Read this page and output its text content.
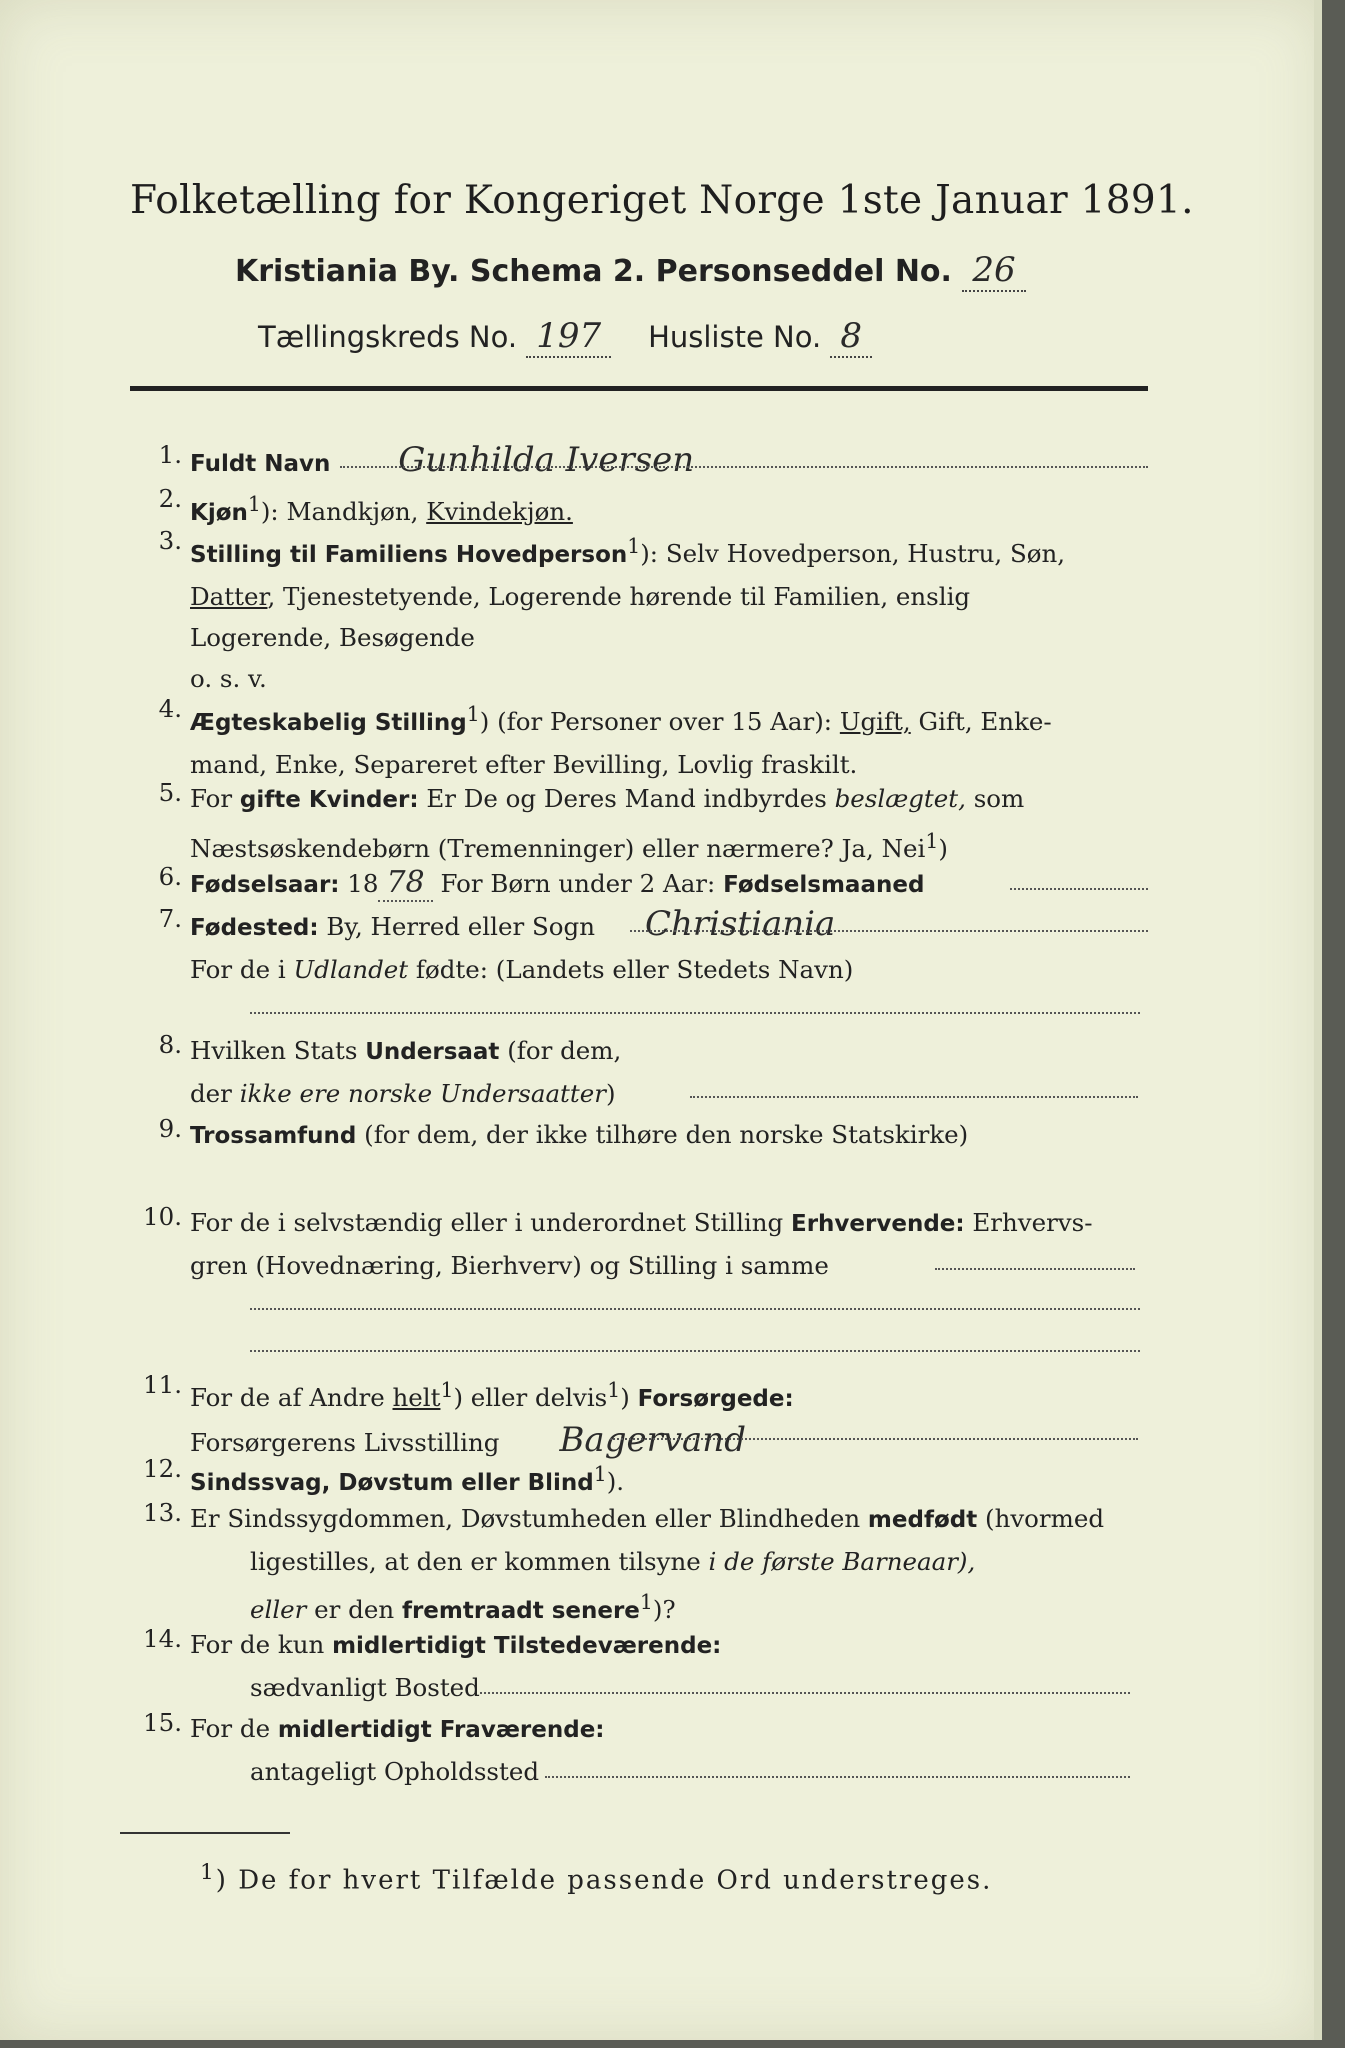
Folketælling for Kongeriget Norge 1ste Januar 1891.
Kristiania By. Schema 2. Personseddel No. 26
Tællingskreds No. 197 Husliste No. 8
1. Fuldt Navn Gunhilda Iversen

2.

Kjøn$^1$): Mandkjøn, Kvindekjøn.

3.

Stilling til Familiens Hovedperson$^1$): Selv Hovedperson, Hustru, Søn,

Datter, Tjenestetyende, Logerende hørende til Familien, enslig

Logerende, Besøgende

o. s. v.

4.

Ægteskabelig Stilling$^1$) (for Personer over 15 Aar): Ugift, Gift, Enke-

mand, Enke, Separeret efter Bevilling, Lovlig fraskilt.

5. For gifte Kvinder: Er De og Deres Mand indbyrdes beslægtet, som

Næstsøskendebørn (Tremenninger) eller nærmere? Ja, Nei$^1$)

6. Fødselsaar: 18 78 For Børn under 2 Aar: Fødselsmaaned

7. Fødested: By, Herred eller Sogn Christiania

For de i Udlandet fødte: (Landets eller Stedets Navn)

8. Hvilken Stats Undersaat (for dem,

der ikke ere norske Undersaatter)

9. Trossamfund (for dem, der ikke tilhøre den norske Statskirke)

10. For de i selvstændig eller i underordnet Stilling Erhvervende: Erhvervs-

gren (Hovednæring, Bierhverv) og Stilling i samme

11. For de af Andre helt$^1$) eller delvis$^1$) Forsørgede:

Forsørgerens Livsstilling Bagervand

12.

Sindssvag, Døvstum eller Blind$^1$).

13. Er Sindssygdommen, Døvstumheden eller Blindheden medfødt (hvormed

ligestilles, at den er kommen tilsyne i de første Barneaar),

eller er den fremtraadt senere$^1$)?

14. For de kun midlertidigt Tilstedeværende:

sædvanligt Bosted

15. For de midlertidigt Fraværende:

antageligt Opholdssted

$^1$) De for hvert Tilfælde passende Ord understreges.
